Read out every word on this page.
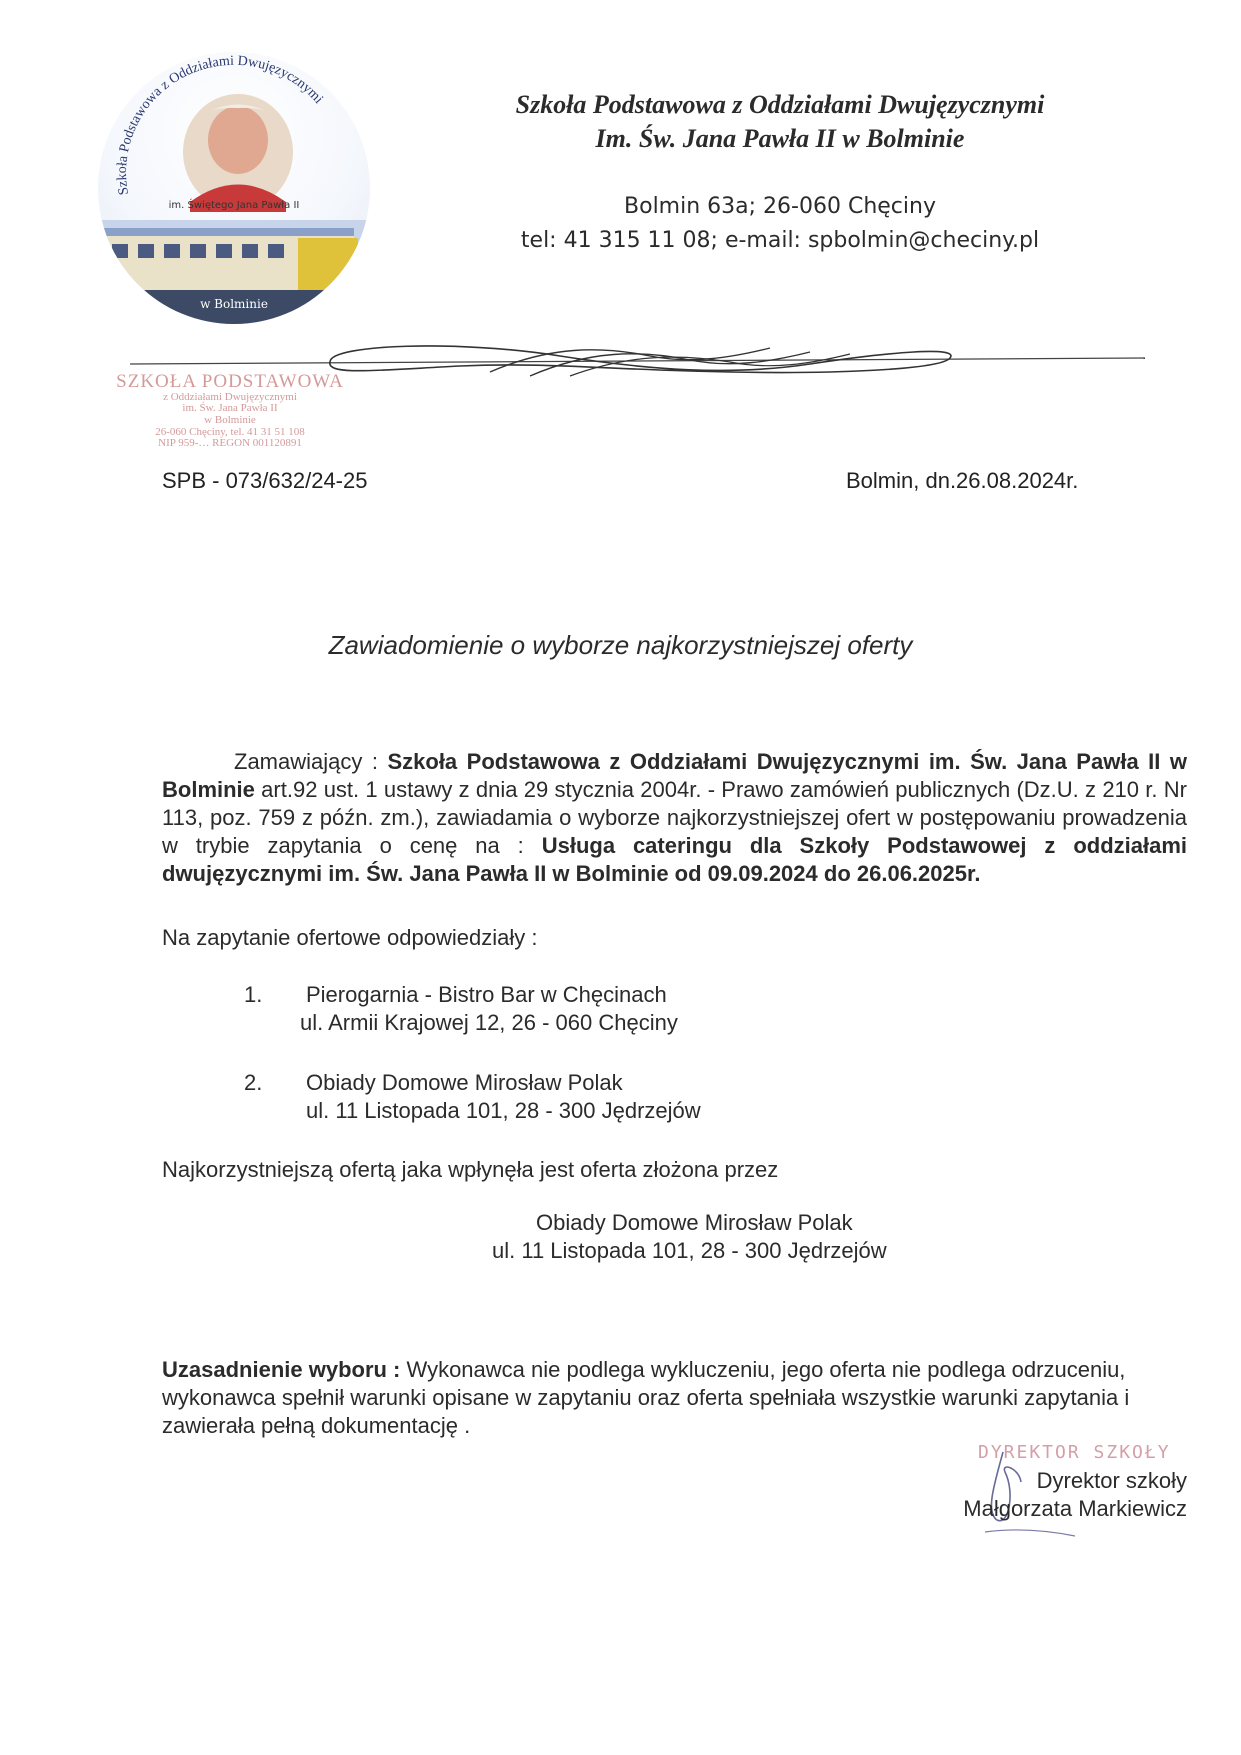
Szkoła Podstawowa z Oddziałami Dwujęzycznymi
im. Świętego Jana Pawła II
w Bolminie
Szkoła Podstawowa z Oddziałami Dwujęzycznymi
Im. Św. Jana Pawła II w Bolminie
Bolmin 63a; 26-060 Chęciny
tel: 41 315 11 08; e-mail: spbolmin@checiny.pl
SZKOŁA PODSTAWOWA
z Oddziałami Dwujęzycznymi
im. Św. Jana Pawła II
w Bolminie
26-060 Chęciny, tel. 41 31 51 108
NIP 959-… REGON 001120891
SPB - 073/632/24-25	Bolmin, dn.26.08.2024r.
Zawiadomienie o wyborze najkorzystniejszej oferty
Zamawiający : Szkoła Podstawowa z Oddziałami Dwujęzycznymi im. Św. Jana Pawła II w Bolminie art.92 ust. 1 ustawy z dnia 29 stycznia 2004r. - Prawo zamówień publicznych (Dz.U. z 210 r. Nr 113, poz. 759 z późn. zm.), zawiadamia o wyborze najkorzystniejszej ofert w postępowaniu prowadzenia w trybie zapytania o cenę na : Usługa cateringu dla Szkoły Podstawowej z oddziałami dwujęzycznymi im. Św. Jana Pawła II w Bolminie od 09.09.2024 do 26.06.2025r.
Na zapytanie ofertowe odpowiedziały :
1. Pierogarnia - Bistro Bar w Chęcinach
ul. Armii Krajowej 12, 26 - 060 Chęciny
2. Obiady Domowe Mirosław Polak
ul. 11 Listopada 101, 28 - 300 Jędrzejów
Najkorzystniejszą ofertą jaka wpłynęła jest oferta złożona przez
Obiady Domowe Mirosław Polak
ul. 11 Listopada 101, 28 - 300 Jędrzejów
Uzasadnienie wyboru : Wykonawca nie podlega wykluczeniu, jego oferta nie podlega odrzuceniu, wykonawca spełnił warunki opisane w zapytaniu oraz oferta spełniała wszystkie warunki zapytania i zawierała pełną dokumentację .
DYREKTOR SZKOŁY
Dyrektor szkoły
Małgorzata Markiewicz
